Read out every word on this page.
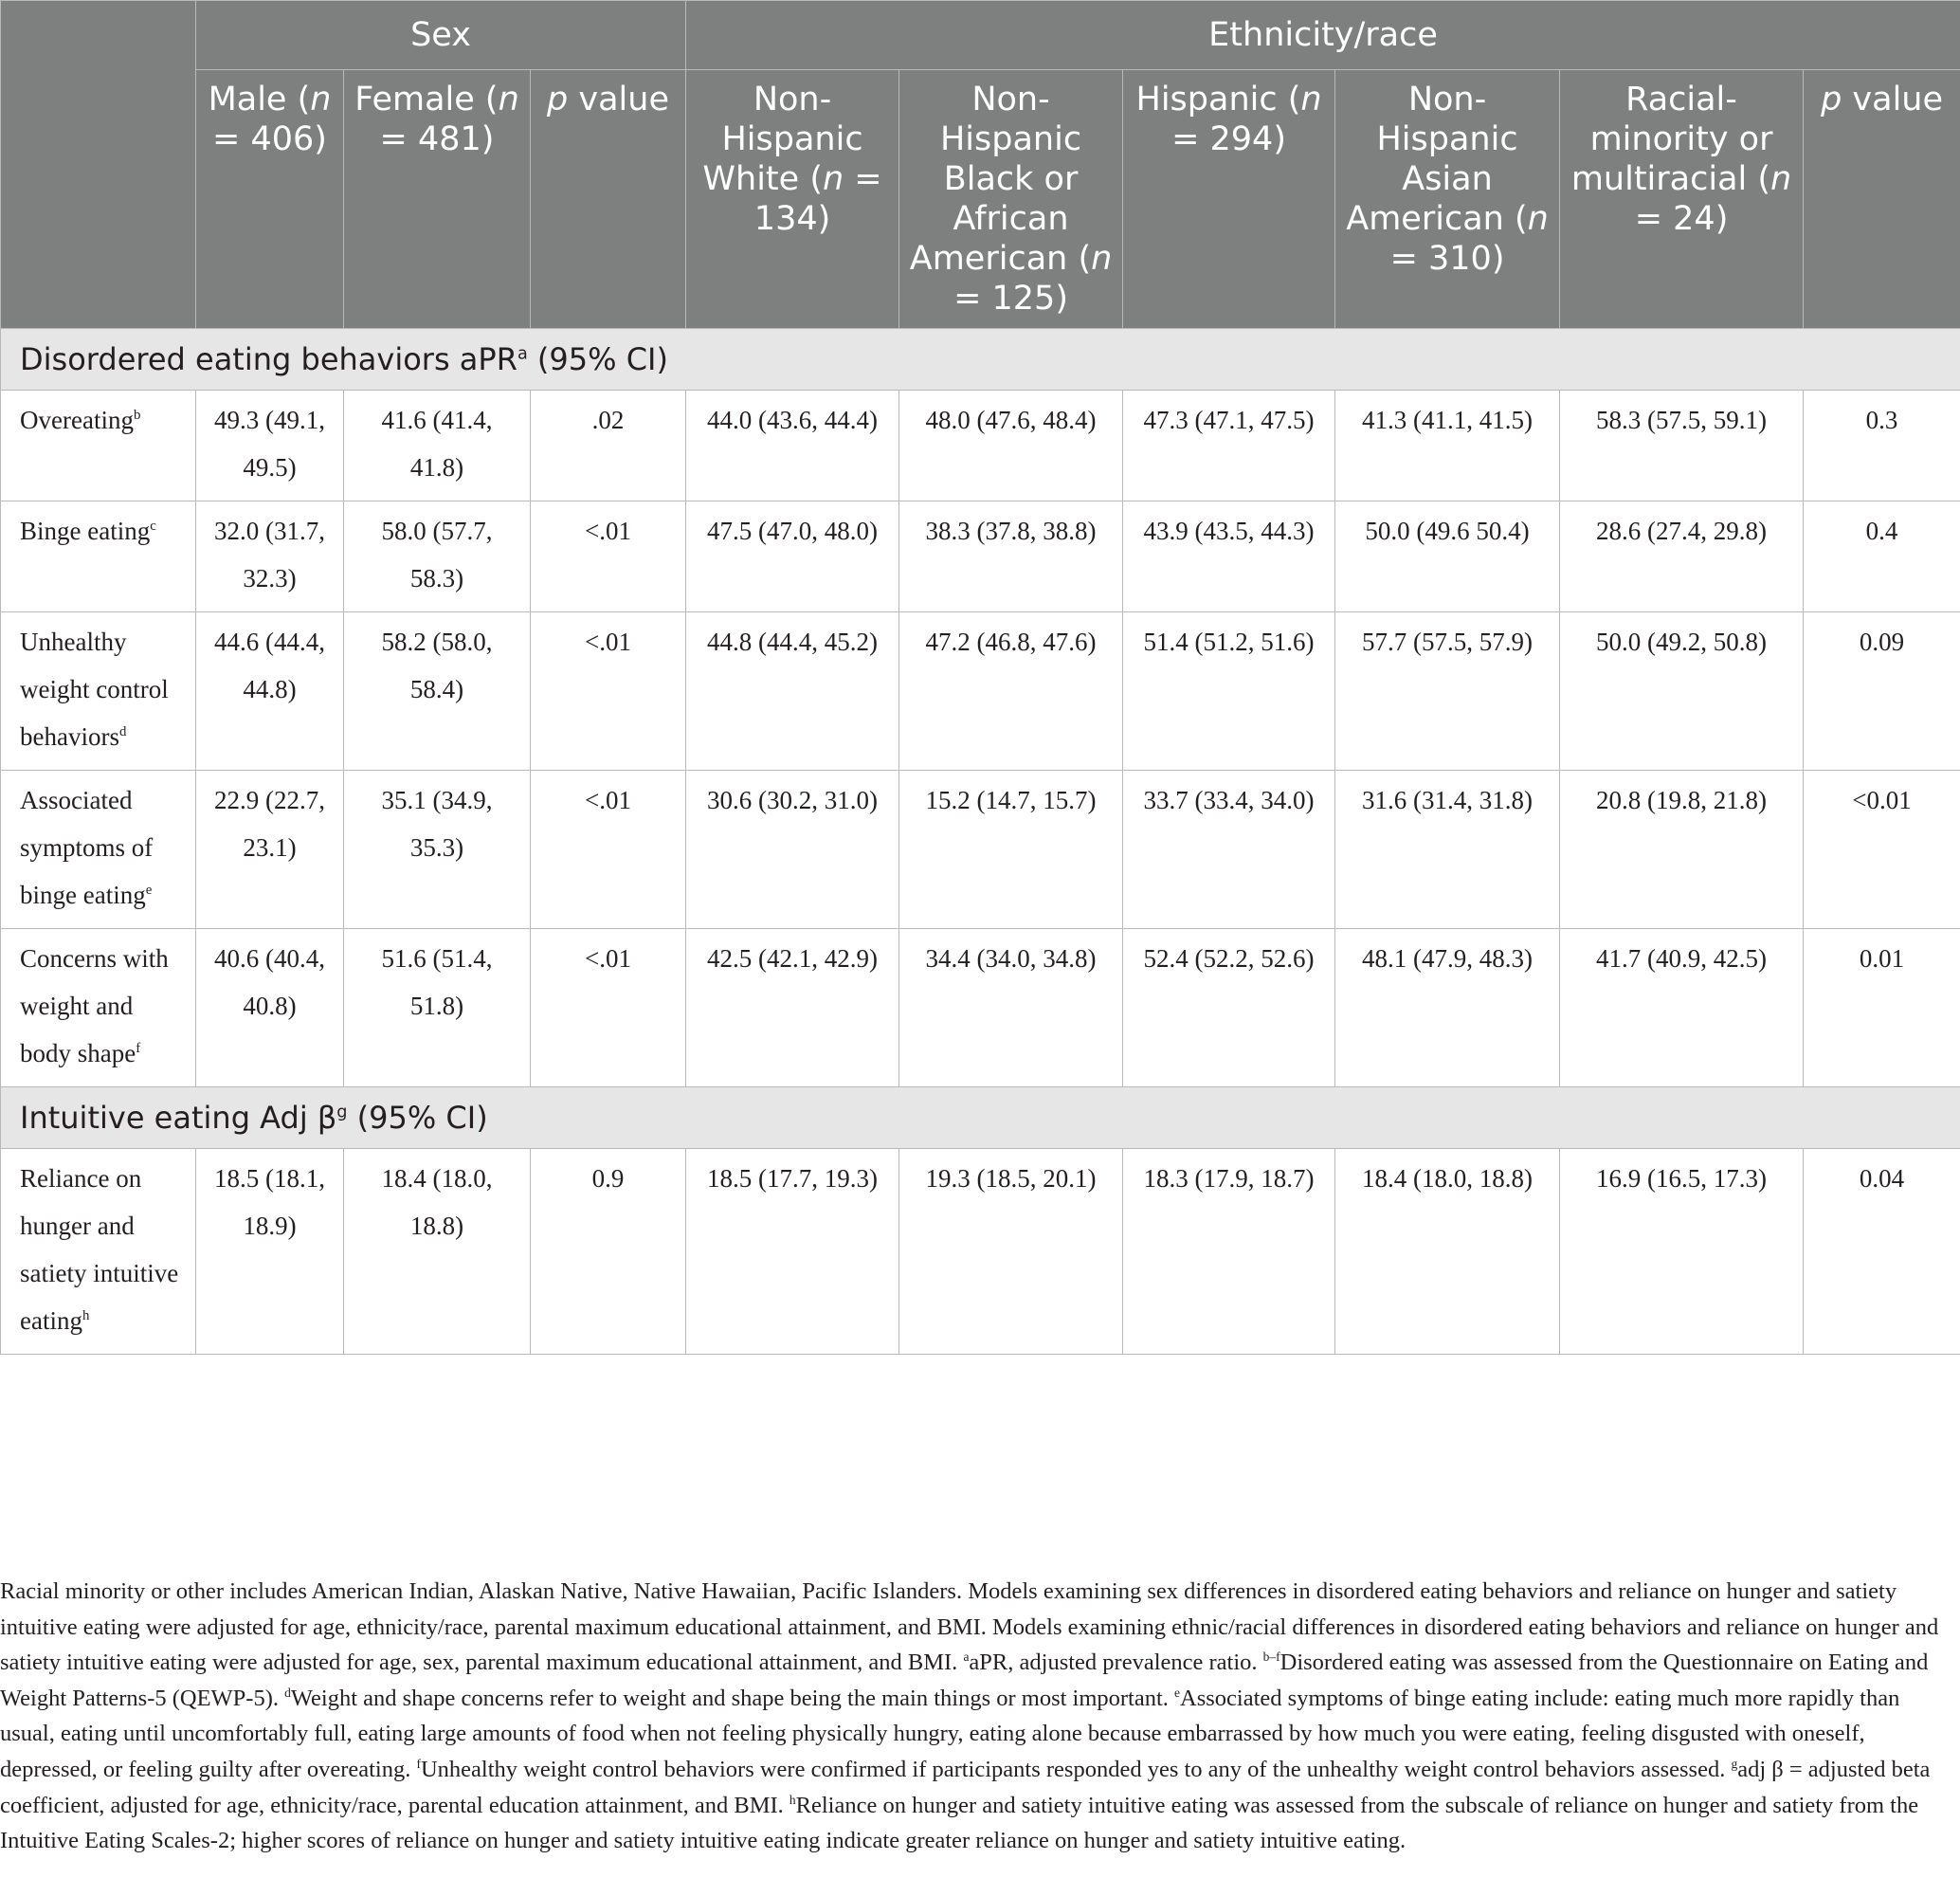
	Sex			Ethnicity/race					
	Male (n = 406)	Female (n = 481)	p value	Non-Hispanic White (n = 134)	Non-Hispanic Black or African American (n = 125)	Hispanic (n = 294)	Non-Hispanic Asian American (n = 310)	Racial-minority or multiracial (n = 24)	p value
Disordered eating behaviors aPR$^a$ (95% CI)									
Overeating$^b$	49.3 (49.1, 49.5)	41.6 (41.4, 41.8)	.02	44.0 (43.6, 44.4)	48.0 (47.6, 48.4)	47.3 (47.1, 47.5)	41.3 (41.1, 41.5)	58.3 (57.5, 59.1)	0.3
Binge eating$^c$	32.0 (31.7, 32.3)	58.0 (57.7, 58.3)	<.01	47.5 (47.0, 48.0)	38.3 (37.8, 38.8)	43.9 (43.5, 44.3)	50.0 (49.6 50.4)	28.6 (27.4, 29.8)	0.4
Unhealthy weight control behaviors$^d$	44.6 (44.4, 44.8)	58.2 (58.0, 58.4)	<.01	44.8 (44.4, 45.2)	47.2 (46.8, 47.6)	51.4 (51.2, 51.6)	57.7 (57.5, 57.9)	50.0 (49.2, 50.8)	0.09
Associated symptoms of binge eating$^e$	22.9 (22.7, 23.1)	35.1 (34.9, 35.3)	<.01	30.6 (30.2, 31.0)	15.2 (14.7, 15.7)	33.7 (33.4, 34.0)	31.6 (31.4, 31.8)	20.8 (19.8, 21.8)	<0.01
Concerns with weight and body shape$^f$	40.6 (40.4, 40.8)	51.6 (51.4, 51.8)	<.01	42.5 (42.1, 42.9)	34.4 (34.0, 34.8)	52.4 (52.2, 52.6)	48.1 (47.9, 48.3)	41.7 (40.9, 42.5)	0.01
Intuitive eating Adj $\beta^g$ (95% CI)									
Reliance on hunger and satiety intuitive eating$^h$	18.5 (18.1, 18.9)	18.4 (18.0, 18.8)	0.9	18.5 (17.7, 19.3)	19.3 (18.5, 20.1)	18.3 (17.9, 18.7)	18.4 (18.0, 18.8)	16.9 (16.5, 17.3)	0.04
Racial minority or other includes American Indian, Alaskan Native, Native Hawaiian, Pacific Islanders. Models examining sex differences in disordered eating behaviors and reliance on hunger and satiety intuitive eating were adjusted for age, ethnicity/race, parental maximum educational attainment, and BMI. Models examining ethnic/racial differences in disordered eating behaviors and reliance on hunger and satiety intuitive eating were adjusted for age, sex, parental maximum educational attainment, and BMI. $^a$aPR, adjusted prevalence ratio. $^{b-f}$Disordered eating was assessed from the Questionnaire on Eating and Weight Patterns-5 (QEWP-5). $^d$Weight and shape concerns refer to weight and shape being the main things or most important. $^e$Associated symptoms of binge eating include: eating much more rapidly than usual, eating until uncomfortably full, eating large amounts of food when not feeling physically hungry, eating alone because embarrassed by how much you were eating, feeling disgusted with oneself, depressed, or feeling guilty after overeating. $^f$Unhealthy weight control behaviors were confirmed if participants responded yes to any of the unhealthy weight control behaviors assessed. $^g$adj β = adjusted beta coefficient, adjusted for age, ethnicity/race, parental education attainment, and BMI. $^h$Reliance on hunger and satiety intuitive eating was assessed from the subscale of reliance on hunger and satiety from the Intuitive Eating Scales-2; higher scores of reliance on hunger and satiety intuitive eating indicate greater reliance on hunger and satiety intuitive eating.
